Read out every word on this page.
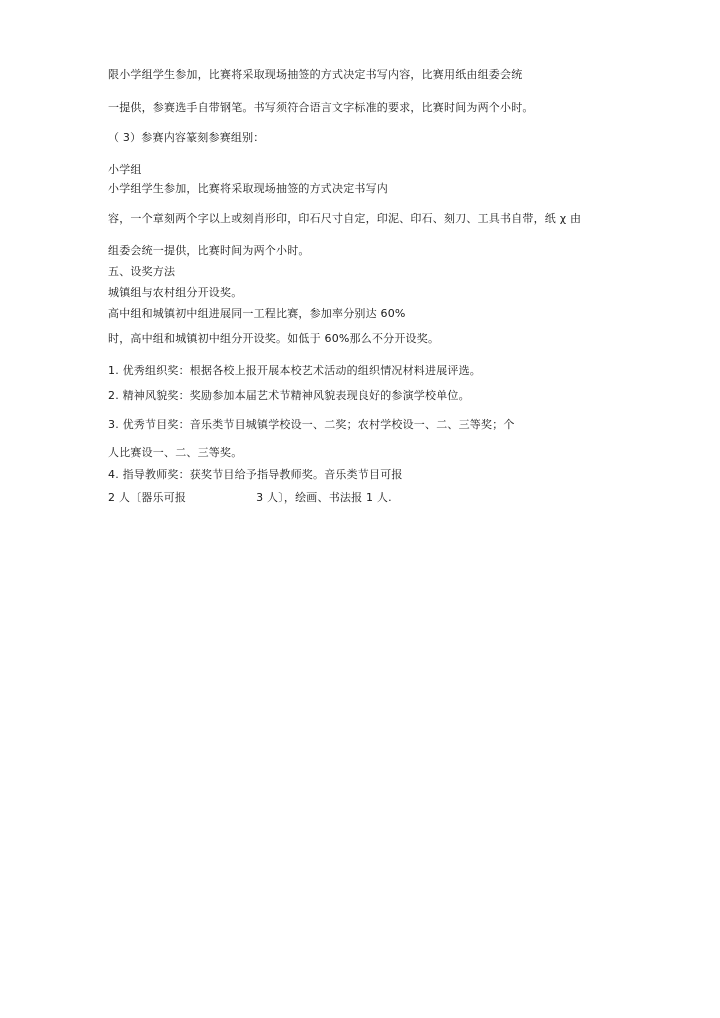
限小学组学生参加，比赛将采取现场抽签的方式决定书写内容，比赛用纸由组委会统
一提供，参赛选手自带钢笔。书写须符合语言文字标准的要求，比赛时间为两个小时。
（ 3）参赛内容篆刻参赛组别：
小学组
小学组学生参加，比赛将采取现场抽签的方式决定书写内
容，一个章刻两个字以上或刻肖形印，印石尺寸自定，印泥、印石、刻刀、工具书自带，纸 χ 由
组委会统一提供，比赛时间为两个小时。
五、设奖方法
城镇组与农村组分开设奖。
高中组和城镇初中组进展同一工程比赛，参加率分别达 60%
时，高中组和城镇初中组分开设奖。如低于 60%那么不分开设奖。
1. 优秀组织奖：根据各校上报开展本校艺术活动的组织情况材料进展评选。
2. 精神风貌奖：奖励参加本届艺术节精神风貌表现良好的参演学校单位。
3. 优秀节目奖：音乐类节目城镇学校设一、二奖；农村学校设一、二、三等奖；个
人比赛设一、二、三等奖。
4. 指导教师奖：获奖节目给予指导教师奖。音乐类节目可报
2 人〔器乐可报	3 人〕，绘画、书法报 1 人.
